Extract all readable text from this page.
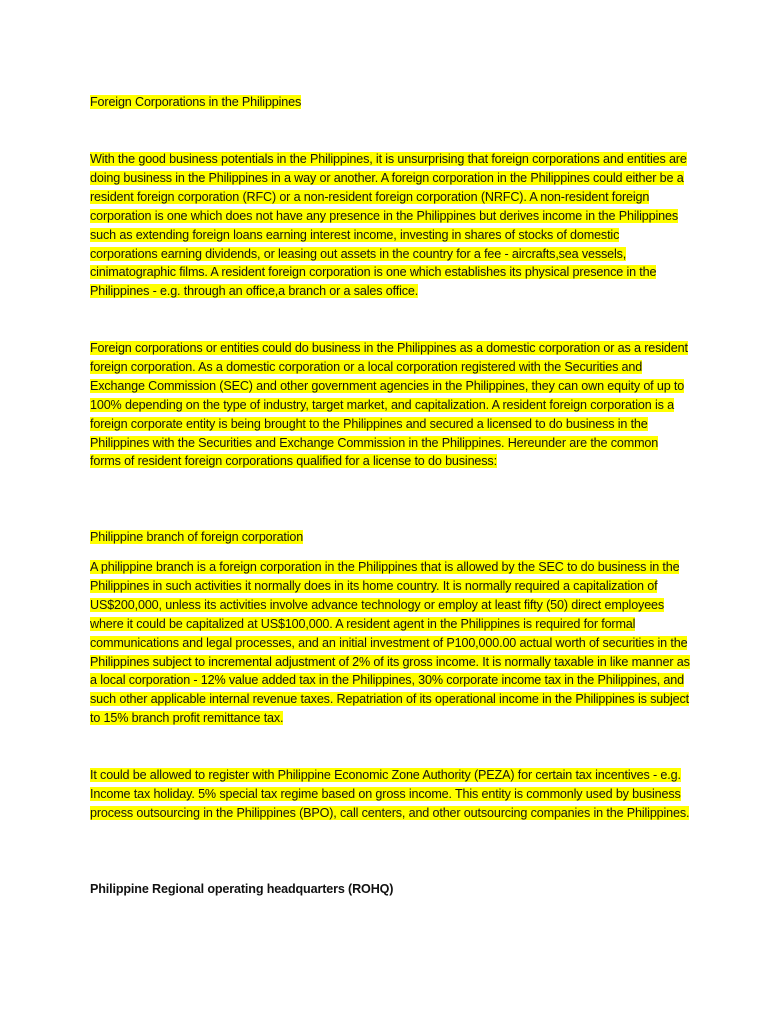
Foreign Corporations in the Philippines
With the good business potentials in the Philippines, it is unsurprising that foreign corporations and entities are doing business in the Philippines in a way or another. A foreign corporation in the Philippines could either be a resident foreign corporation (RFC) or a non-resident foreign corporation (NRFC). A non-resident foreign corporation is one which does not have any presence in the Philippines but derives income in the Philippines such as extending foreign loans earning interest income, investing in shares of stocks of domestic corporations earning dividends, or leasing out assets in the country for a fee - aircrafts,sea vessels, cinimatographic films. A resident foreign corporation is one which establishes its physical presence in the Philippines - e.g. through an office,a branch or a sales office.
Foreign corporations or entities could do business in the Philippines as a domestic corporation or as a resident foreign corporation. As a domestic corporation or a local corporation registered with the Securities and Exchange Commission (SEC) and other government agencies in the Philippines, they can own equity of up to 100% depending on the type of industry, target market, and capitalization. A resident foreign corporation is a foreign corporate entity is being brought to the Philippines and secured a licensed to do business in the Philippines with the Securities and Exchange Commission in the Philippines. Hereunder are the common forms of resident foreign corporations qualified for a license to do business:
Philippine branch of foreign corporation
A philippine branch is a foreign corporation in the Philippines that is allowed by the SEC to do business in the Philippines in such activities it normally does in its home country. It is normally required a capitalization of US$200,000, unless its activities involve advance technology or employ at least fifty (50) direct employees where it could be capitalized at US$100,000. A resident agent in the Philippines is required for formal communications and legal processes, and an initial investment of P100,000.00 actual worth of securities in the Philippines subject to incremental adjustment of 2% of its gross income. It is normally taxable in like manner as a local corporation - 12% value added tax in the Philippines, 30% corporate income tax in the Philippines, and such other applicable internal revenue taxes. Repatriation of its operational income in the Philippines is subject to 15% branch profit remittance tax.
It could be allowed to register with Philippine Economic Zone Authority (PEZA) for certain tax incentives - e.g. Income tax holiday. 5% special tax regime based on gross income. This entity is commonly used by business process outsourcing in the Philippines (BPO), call centers, and other outsourcing companies in the Philippines.
Philippine Regional operating headquarters (ROHQ)
